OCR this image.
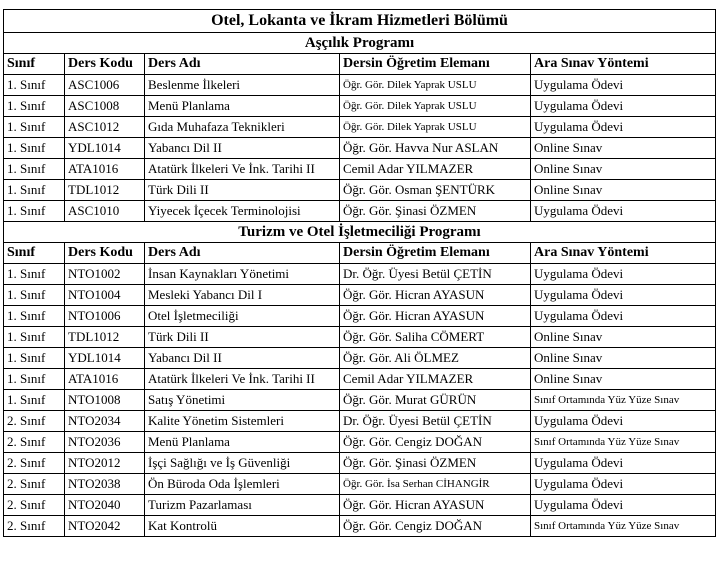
Otel, Lokanta ve İkram Hizmetleri Bölümü				
Aşçılık Programı				
Sınıf	Ders Kodu	Ders Adı	Dersin Öğretim Elemanı	Ara Sınav Yöntemi
1. Sınıf	ASC1006	Beslenme İlkeleri	Öğr. Gör. Dilek Yaprak USLU	Uygulama Ödevi
1. Sınıf	ASC1008	Menü Planlama	Öğr. Gör. Dilek Yaprak USLU	Uygulama Ödevi
1. Sınıf	ASC1012	Gıda Muhafaza Teknikleri	Öğr. Gör. Dilek Yaprak USLU	Uygulama Ödevi
1. Sınıf	YDL1014	Yabancı Dil II	Öğr. Gör. Havva Nur ASLAN	Online Sınav
1. Sınıf	ATA1016	Atatürk İlkeleri Ve İnk. Tarihi II	Cemil Adar YILMAZER	Online Sınav
1. Sınıf	TDL1012	Türk Dili II	Öğr. Gör. Osman ŞENTÜRK	Online Sınav
1. Sınıf	ASC1010	Yiyecek İçecek Terminolojisi	Öğr. Gör. Şinasi ÖZMEN	Uygulama Ödevi
Turizm ve Otel İşletmeciliği Programı				
Sınıf	Ders Kodu	Ders Adı	Dersin Öğretim Elemanı	Ara Sınav Yöntemi
1. Sınıf	NTO1002	İnsan Kaynakları Yönetimi	Dr. Öğr. Üyesi Betül ÇETİN	Uygulama Ödevi
1. Sınıf	NTO1004	Mesleki Yabancı Dil I	Öğr. Gör. Hicran AYASUN	Uygulama Ödevi
1. Sınıf	NTO1006	Otel İşletmeciliği	Öğr. Gör. Hicran AYASUN	Uygulama Ödevi
1. Sınıf	TDL1012	Türk Dili II	Öğr. Gör. Saliha CÖMERT	Online Sınav
1. Sınıf	YDL1014	Yabancı Dil II	Öğr. Gör. Ali ÖLMEZ	Online Sınav
1. Sınıf	ATA1016	Atatürk İlkeleri Ve İnk. Tarihi II	Cemil Adar YILMAZER	Online Sınav
1. Sınıf	NTO1008	Satış Yönetimi	Öğr. Gör. Murat GÜRÜN	Sınıf Ortamında Yüz Yüze Sınav
2. Sınıf	NTO2034	Kalite Yönetim Sistemleri	Dr. Öğr. Üyesi Betül ÇETİN	Uygulama Ödevi
2. Sınıf	NTO2036	Menü Planlama	Öğr. Gör. Cengiz DOĞAN	Sınıf Ortamında Yüz Yüze Sınav
2. Sınıf	NTO2012	İşçi Sağlığı ve İş Güvenliği	Öğr. Gör. Şinasi ÖZMEN	Uygulama Ödevi
2. Sınıf	NTO2038	Ön Büroda Oda İşlemleri	Öğr. Gör. İsa Serhan CİHANGİR	Uygulama Ödevi
2. Sınıf	NTO2040	Turizm Pazarlaması	Öğr. Gör. Hicran AYASUN	Uygulama Ödevi
2. Sınıf	NTO2042	Kat Kontrolü	Öğr. Gör. Cengiz DOĞAN	Sınıf Ortamında Yüz Yüze Sınav
